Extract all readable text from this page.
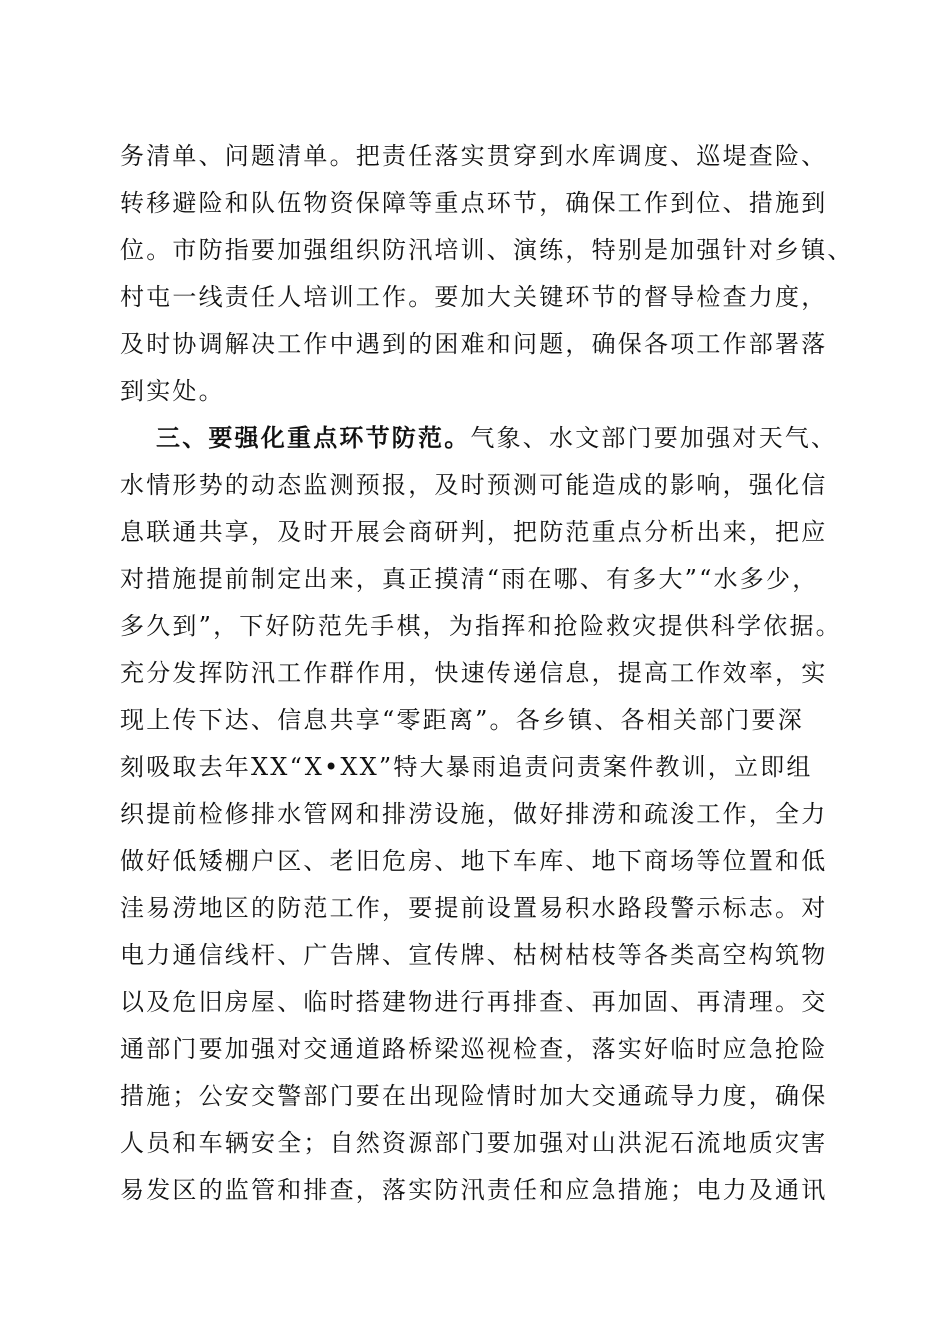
务清单、问题清单。把责任落实贯穿到水库调度、巡堤查险、
转移避险和队伍物资保障等重点环节，确保工作到位、措施到
位。市防指要加强组织防汛培训、演练，特别是加强针对乡镇、
村屯一线责任人培训工作。要加大关键环节的督导检查力度，
及时协调解决工作中遇到的困难和问题，确保各项工作部署落
到实处。
三、要强化重点环节防范。气象、水文部门要加强对天气、
水情形势的动态监测预报，及时预测可能造成的影响，强化信
息联通共享，及时开展会商研判，把防范重点分析出来，把应
对措施提前制定出来，真正摸清“雨在哪、有多大”“水多少，
多久到”，下好防范先手棋，为指挥和抢险救灾提供科学依据。
充分发挥防汛工作群作用，快速传递信息，提高工作效率，实
现上传下达、信息共享“零距离”。各乡镇、各相关部门要深
刻吸取去年XX“X•XX”特大暴雨追责问责案件教训，立即组
织提前检修排水管网和排涝设施，做好排涝和疏浚工作，全力
做好低矮棚户区、老旧危房、地下车库、地下商场等位置和低
洼易涝地区的防范工作，要提前设置易积水路段警示标志。对
电力通信线杆、广告牌、宣传牌、枯树枯枝等各类高空构筑物
以及危旧房屋、临时搭建物进行再排查、再加固、再清理。交
通部门要加强对交通道路桥梁巡视检查，落实好临时应急抢险
措施；公安交警部门要在出现险情时加大交通疏导力度，确保
人员和车辆安全；自然资源部门要加强对山洪泥石流地质灾害
易发区的监管和排查，落实防汛责任和应急措施；电力及通讯
